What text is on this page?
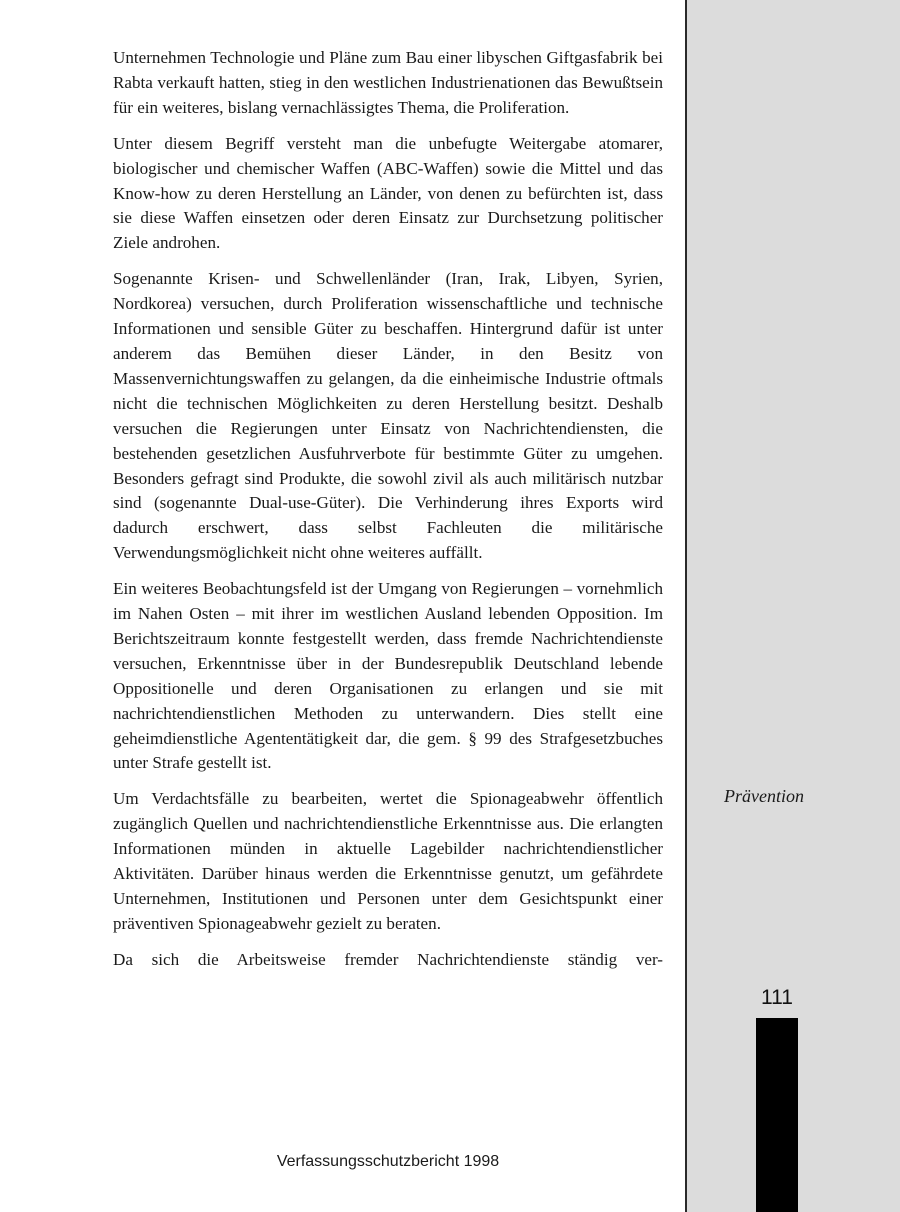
Unternehmen Technologie und Pläne zum Bau einer libyschen Giftgasfabrik bei Rabta verkauft hatten, stieg in den westlichen Industrienationen das Bewußtsein für ein weiteres, bislang vernachlässigtes Thema, die Proliferation.

Unter diesem Begriff versteht man die unbefugte Weitergabe atomarer, biologischer und chemischer Waffen (ABC-Waffen) sowie die Mittel und das Know-how zu deren Herstellung an Länder, von denen zu befürchten ist, dass sie diese Waffen einsetzen oder deren Einsatz zur Durchsetzung politischer Ziele androhen.

Sogenannte Krisen- und Schwellenländer (Iran, Irak, Libyen, Syrien, Nordkorea) versuchen, durch Proliferation wissenschaftliche und technische Informationen und sensible Güter zu beschaffen. Hintergrund dafür ist unter anderem das Bemühen dieser Länder, in den Besitz von Massenvernichtungswaffen zu gelangen, da die einheimische Industrie oftmals nicht die technischen Möglichkeiten zu deren Herstellung besitzt. Deshalb versuchen die Regierungen unter Einsatz von Nachrichtendiensten, die bestehenden gesetzlichen Ausfuhrverbote für bestimmte Güter zu umgehen. Besonders gefragt sind Produkte, die sowohl zivil als auch militärisch nutzbar sind (sogenannte Dual-use-Güter). Die Verhinderung ihres Exports wird dadurch erschwert, dass selbst Fachleuten die militärische Verwendungsmöglichkeit nicht ohne weiteres auffällt.

Ein weiteres Beobachtungsfeld ist der Umgang von Regierungen – vornehmlich im Nahen Osten – mit ihrer im westlichen Ausland lebenden Opposition. Im Berichtszeitraum konnte festgestellt werden, dass fremde Nachrichtendienste versuchen, Erkenntnisse über in der Bundesrepublik Deutschland lebende Oppositionelle und deren Organisationen zu erlangen und sie mit nachrichtendienstlichen Methoden zu unterwandern. Dies stellt eine geheimdienstliche Agententätigkeit dar, die gem. § 99 des Strafgesetzbuches unter Strafe gestellt ist.

Um Verdachtsfälle zu bearbeiten, wertet die Spionageabwehr öffentlich zugänglich Quellen und nachrichtendienstliche Erkenntnisse aus. Die erlangten Informationen münden in aktuelle Lagebilder nachrichtendienstlicher Aktivitäten. Darüber hinaus werden die Erkenntnisse genutzt, um gefährdete Unternehmen, Institutionen und Personen unter dem Gesichtspunkt einer präventiven Spionageabwehr gezielt zu beraten.

Da sich die Arbeitsweise fremder Nachrichtendienste ständig ver-

Prävention
111
Verfassungsschutzbericht 1998
